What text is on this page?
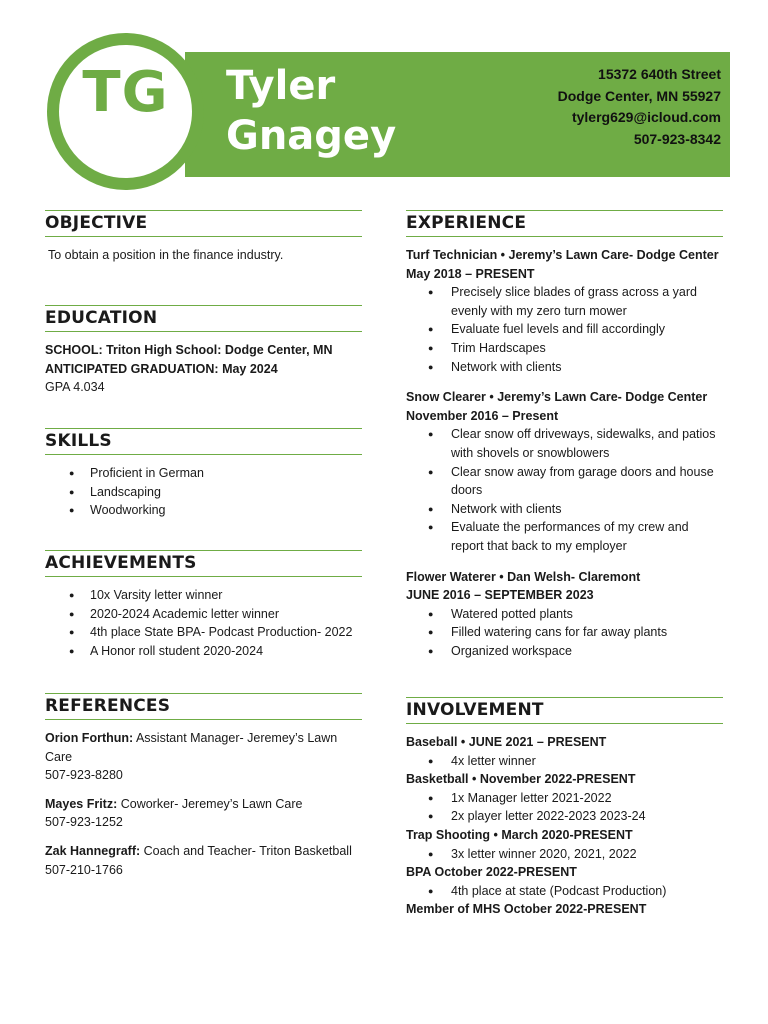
TG	Tyler
Gnagey
15372 640th Street
Dodge Center, MN 55927
tylerg629@icloud.com
507-923-8342
OBJECTIVE
To obtain a position in the finance industry.
EDUCATION
SCHOOL: Triton High School: Dodge Center, MN
ANTICIPATED GRADUATION: May 2024
GPA 4.034
SKILLS
● Proficient in German
● Landscaping
● Woodworking
ACHIEVEMENTS
● 10x Varsity letter winner
● 2020-2024 Academic letter winner
● 4th place State BPA- Podcast Production- 2022
● A Honor roll student 2020-2024
REFERENCES
Orion Forthun: Assistant Manager- Jeremey’s Lawn Care
507-923-8280
Mayes Fritz: Coworker- Jeremey’s Lawn Care
507-923-1252
Zak Hannegraff: Coach and Teacher- Triton Basketball
507-210-1766
EXPERIENCE
Turf Technician • Jeremy’s Lawn Care- Dodge Center
May 2018 – PRESENT
● Precisely slice blades of grass across a yard evenly with my zero turn mower
● Evaluate fuel levels and fill accordingly
● Trim Hardscapes
● Network with clients
Snow Clearer • Jeremy’s Lawn Care- Dodge Center
November 2016 – Present
● Clear snow off driveways, sidewalks, and patios with shovels or snowblowers
● Clear snow away from garage doors and house doors
● Network with clients
● Evaluate the performances of my crew and report that back to my employer
Flower Waterer • Dan Welsh- Claremont
JUNE 2016 – SEPTEMBER 2023
● Watered potted plants
● Filled watering cans for far away plants
● Organized workspace
INVOLVEMENT
Baseball • JUNE 2021 – PRESENT
● 4x letter winner
Basketball • November 2022-PRESENT
● 1x Manager letter 2021-2022
● 2x player letter 2022-2023 2023-24
Trap Shooting • March 2020-PRESENT
● 3x letter winner 2020, 2021, 2022
BPA October 2022-PRESENT
● 4th place at state (Podcast Production)
Member of MHS October 2022-PRESENT
